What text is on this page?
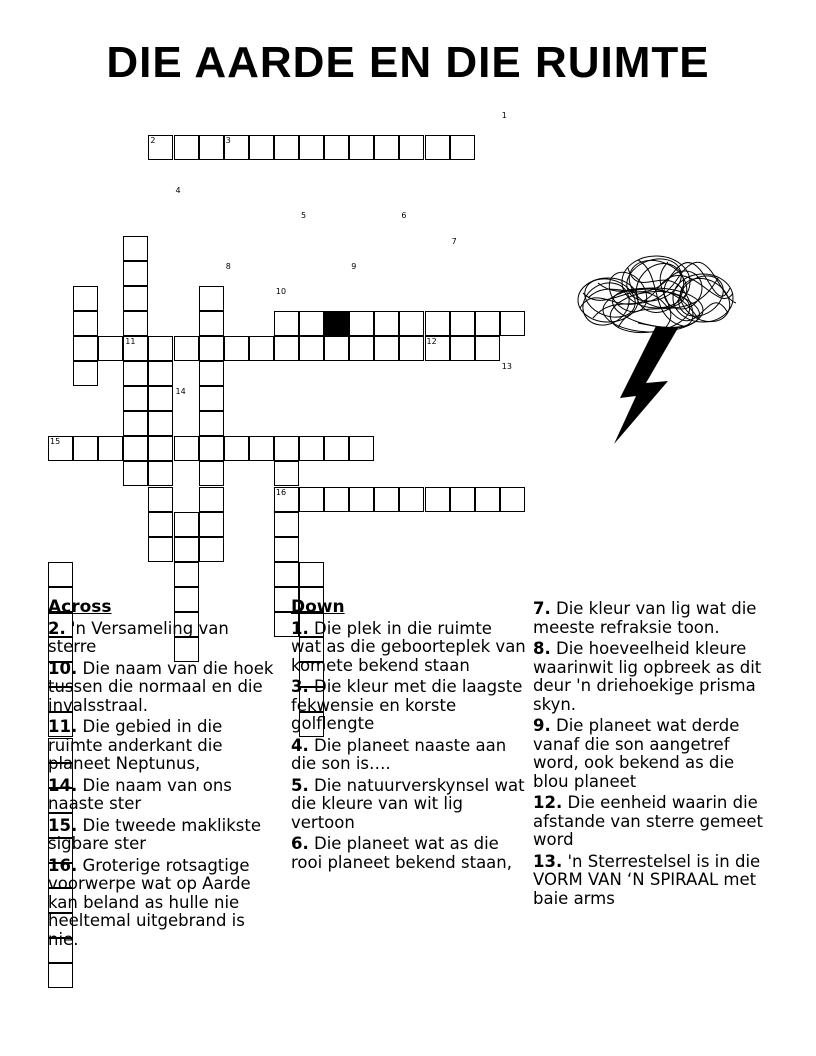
DIE AARDE EN DIE RUIMTE
1
2	3
4
5	6
7
8	9
10
11	12
13
14
15
16
Across
2. 'n Versameling van sterre
10. Die naam van die hoek tussen die normaal en die invalsstraal.
11. Die gebied in die ruimte anderkant die planeet Neptunus,
14. Die naam van ons naaste ster
15. Die tweede maklikste sigbare ster
16. Groterige rotsagtige voorwerpe wat op Aarde kan beland as hulle nie heeltemal uitgebrand is nie.
Down
1. Die plek in die ruimte wat as die geboorteplek van komete bekend staan
3. Die kleur met die laagste fekwensie en korste golflengte
4. Die planeet naaste aan die son is….
5. Die natuurverskynsel wat die kleure van wit lig vertoon
6. Die planeet wat as die rooi planeet bekend staan,
7. Die kleur van lig wat die meeste refraksie toon.
8. Die hoeveelheid kleure waarinwit lig opbreek as dit deur 'n driehoekige prisma skyn.
9. Die planeet wat derde vanaf die son aangetref word, ook bekend as die blou planeet
12. Die eenheid waarin die afstande van sterre gemeet word
13. 'n Sterrestelsel is in die VORM VAN ‘N SPIRAAL met baie arms
